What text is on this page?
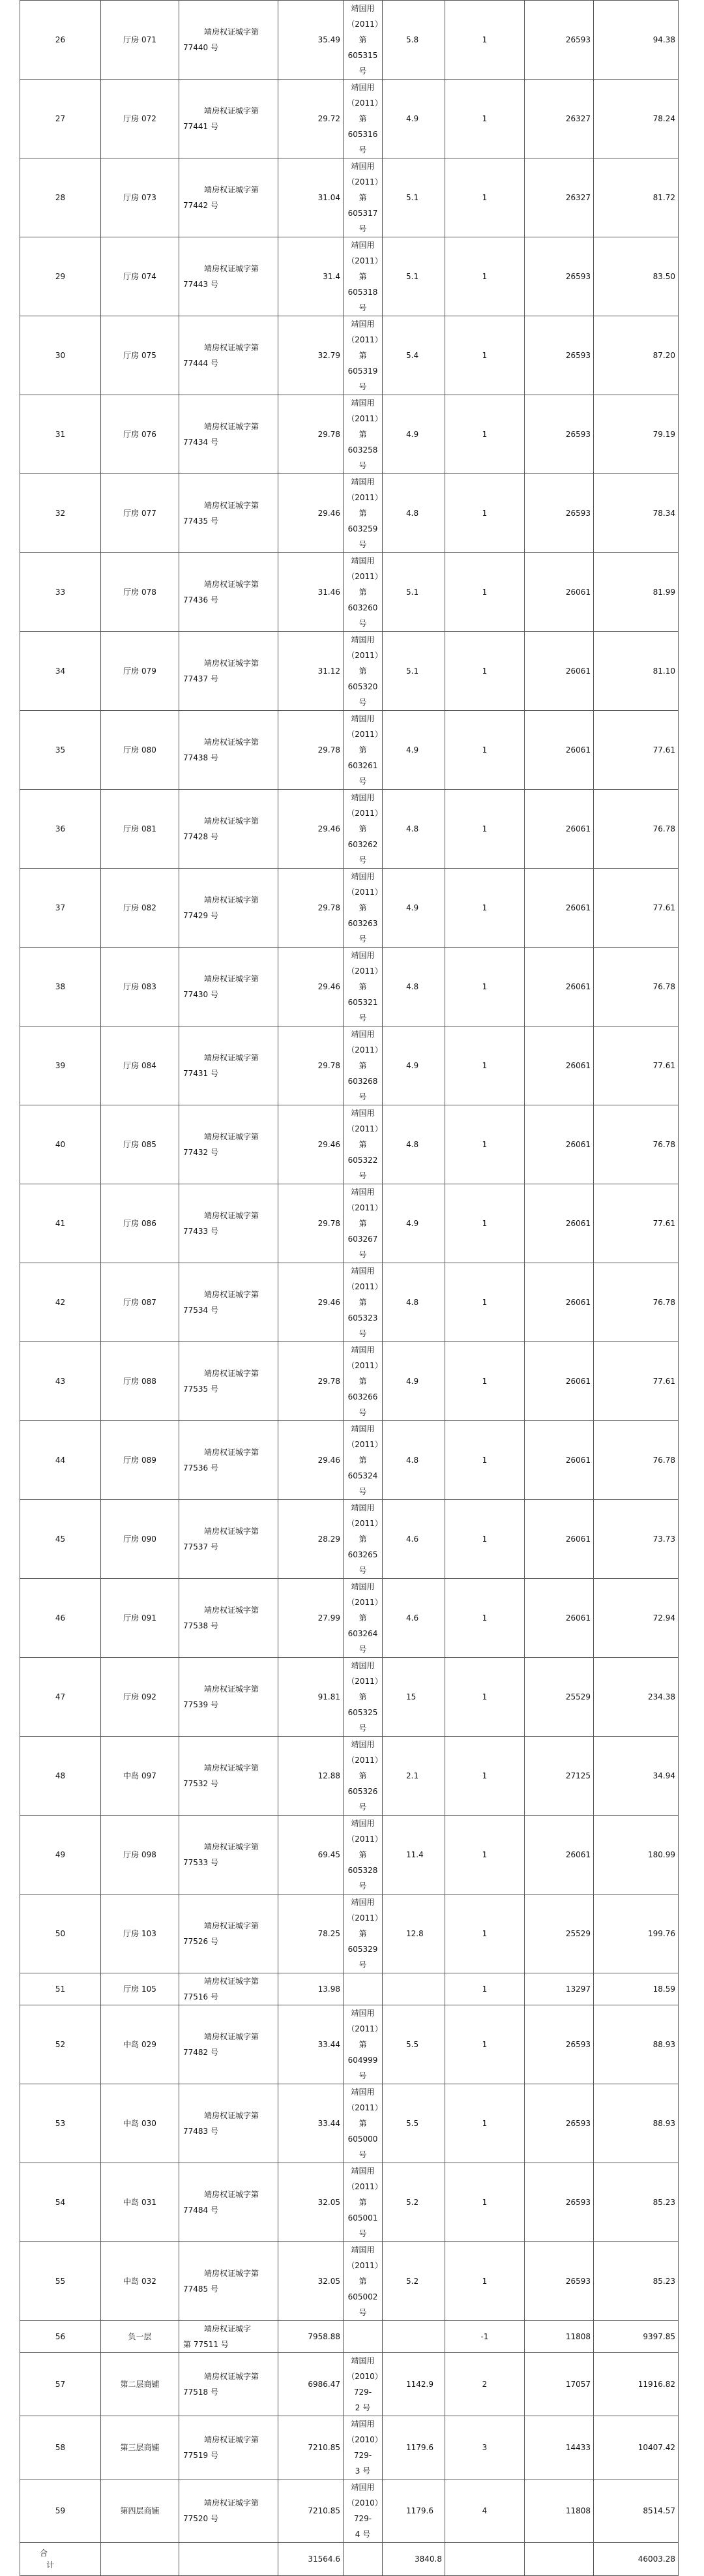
26	厅房 071	靖房权证城字第
77440 号	35.49	靖国用
（2011）第
605315 号	5.8	1	26593	94.38
27	厅房 072	靖房权证城字第
77441 号	29.72	靖国用
（2011）第
605316 号	4.9	1	26327	78.24
28	厅房 073	靖房权证城字第
77442 号	31.04	靖国用
（2011）第
605317 号	5.1	1	26327	81.72
29	厅房 074	靖房权证城字第
77443 号	31.4	靖国用
（2011）第
605318 号	5.1	1	26593	83.50
30	厅房 075	靖房权证城字第
77444 号	32.79	靖国用
（2011）第
605319 号	5.4	1	26593	87.20
31	厅房 076	靖房权证城字第
77434 号	29.78	靖国用
（2011）第
603258 号	4.9	1	26593	79.19
32	厅房 077	靖房权证城字第
77435 号	29.46	靖国用
（2011）第
603259 号	4.8	1	26593	78.34
33	厅房 078	靖房权证城字第
77436 号	31.46	靖国用
（2011）第
603260 号	5.1	1	26061	81.99
34	厅房 079	靖房权证城字第
77437 号	31.12	靖国用
（2011）第
605320 号	5.1	1	26061	81.10
35	厅房 080	靖房权证城字第
77438 号	29.78	靖国用
（2011）第
603261 号	4.9	1	26061	77.61
36	厅房 081	靖房权证城字第
77428 号	29.46	靖国用
（2011）第
603262 号	4.8	1	26061	76.78
37	厅房 082	靖房权证城字第
77429 号	29.78	靖国用
（2011）第
603263 号	4.9	1	26061	77.61
38	厅房 083	靖房权证城字第
77430 号	29.46	靖国用
（2011）第
605321 号	4.8	1	26061	76.78
39	厅房 084	靖房权证城字第
77431 号	29.78	靖国用
（2011）第
603268 号	4.9	1	26061	77.61
40	厅房 085	靖房权证城字第
77432 号	29.46	靖国用
（2011）第
605322 号	4.8	1	26061	76.78
41	厅房 086	靖房权证城字第
77433 号	29.78	靖国用
（2011）第
603267 号	4.9	1	26061	77.61
42	厅房 087	靖房权证城字第
77534 号	29.46	靖国用
（2011）第
605323 号	4.8	1	26061	76.78
43	厅房 088	靖房权证城字第
77535 号	29.78	靖国用
（2011）第
603266 号	4.9	1	26061	77.61
44	厅房 089	靖房权证城字第
77536 号	29.46	靖国用
（2011）第
605324 号	4.8	1	26061	76.78
45	厅房 090	靖房权证城字第
77537 号	28.29	靖国用
（2011）第
603265 号	4.6	1	26061	73.73
46	厅房 091	靖房权证城字第
77538 号	27.99	靖国用
（2011）第
603264 号	4.6	1	26061	72.94
47	厅房 092	靖房权证城字第
77539 号	91.81	靖国用
（2011）第
605325 号	15	1	25529	234.38
48	中岛 097	靖房权证城字第
77532 号	12.88	靖国用
（2011）第
605326 号	2.1	1	27125	34.94
49	厅房 098	靖房权证城字第
77533 号	69.45	靖国用
（2011）第
605328 号	11.4	1	26061	180.99
50	厅房 103	靖房权证城字第
77526 号	78.25	靖国用
（2011）第
605329 号	12.8	1	25529	199.76
51	厅房 105	靖房权证城字第
77516 号	13.98			1	13297	18.59
52	中岛 029	靖房权证城字第
77482 号	33.44	靖国用
（2011）第
604999 号	5.5	1	26593	88.93
53	中岛 030	靖房权证城字第
77483 号	33.44	靖国用
（2011）第
605000 号	5.5	1	26593	88.93
54	中岛 031	靖房权证城字第
77484 号	32.05	靖国用
（2011）第
605001 号	5.2	1	26593	85.23
55	中岛 032	靖房权证城字第
77485 号	32.05	靖国用
（2011）第
605002 号	5.2	1	26593	85.23
56	负一层	靖房权证城字
第 77511 号	7958.88			-1	11808	9397.85
57	第二层商铺	靖房权证城字第
77518 号	6986.47	靖国用
（2010）729-
2 号	1142.9	2	17057	11916.82
58	第三层商铺	靖房权证城字第
77519 号	7210.85	靖国用
（2010）729-
3 号	1179.6	3	14433	10407.42
59	第四层商铺	靖房权证城字第
77520 号	7210.85	靖国用
（2010）729-
4 号	1179.6	4	11808	8514.57

合
计			31564.6		3840.8			46003.28
